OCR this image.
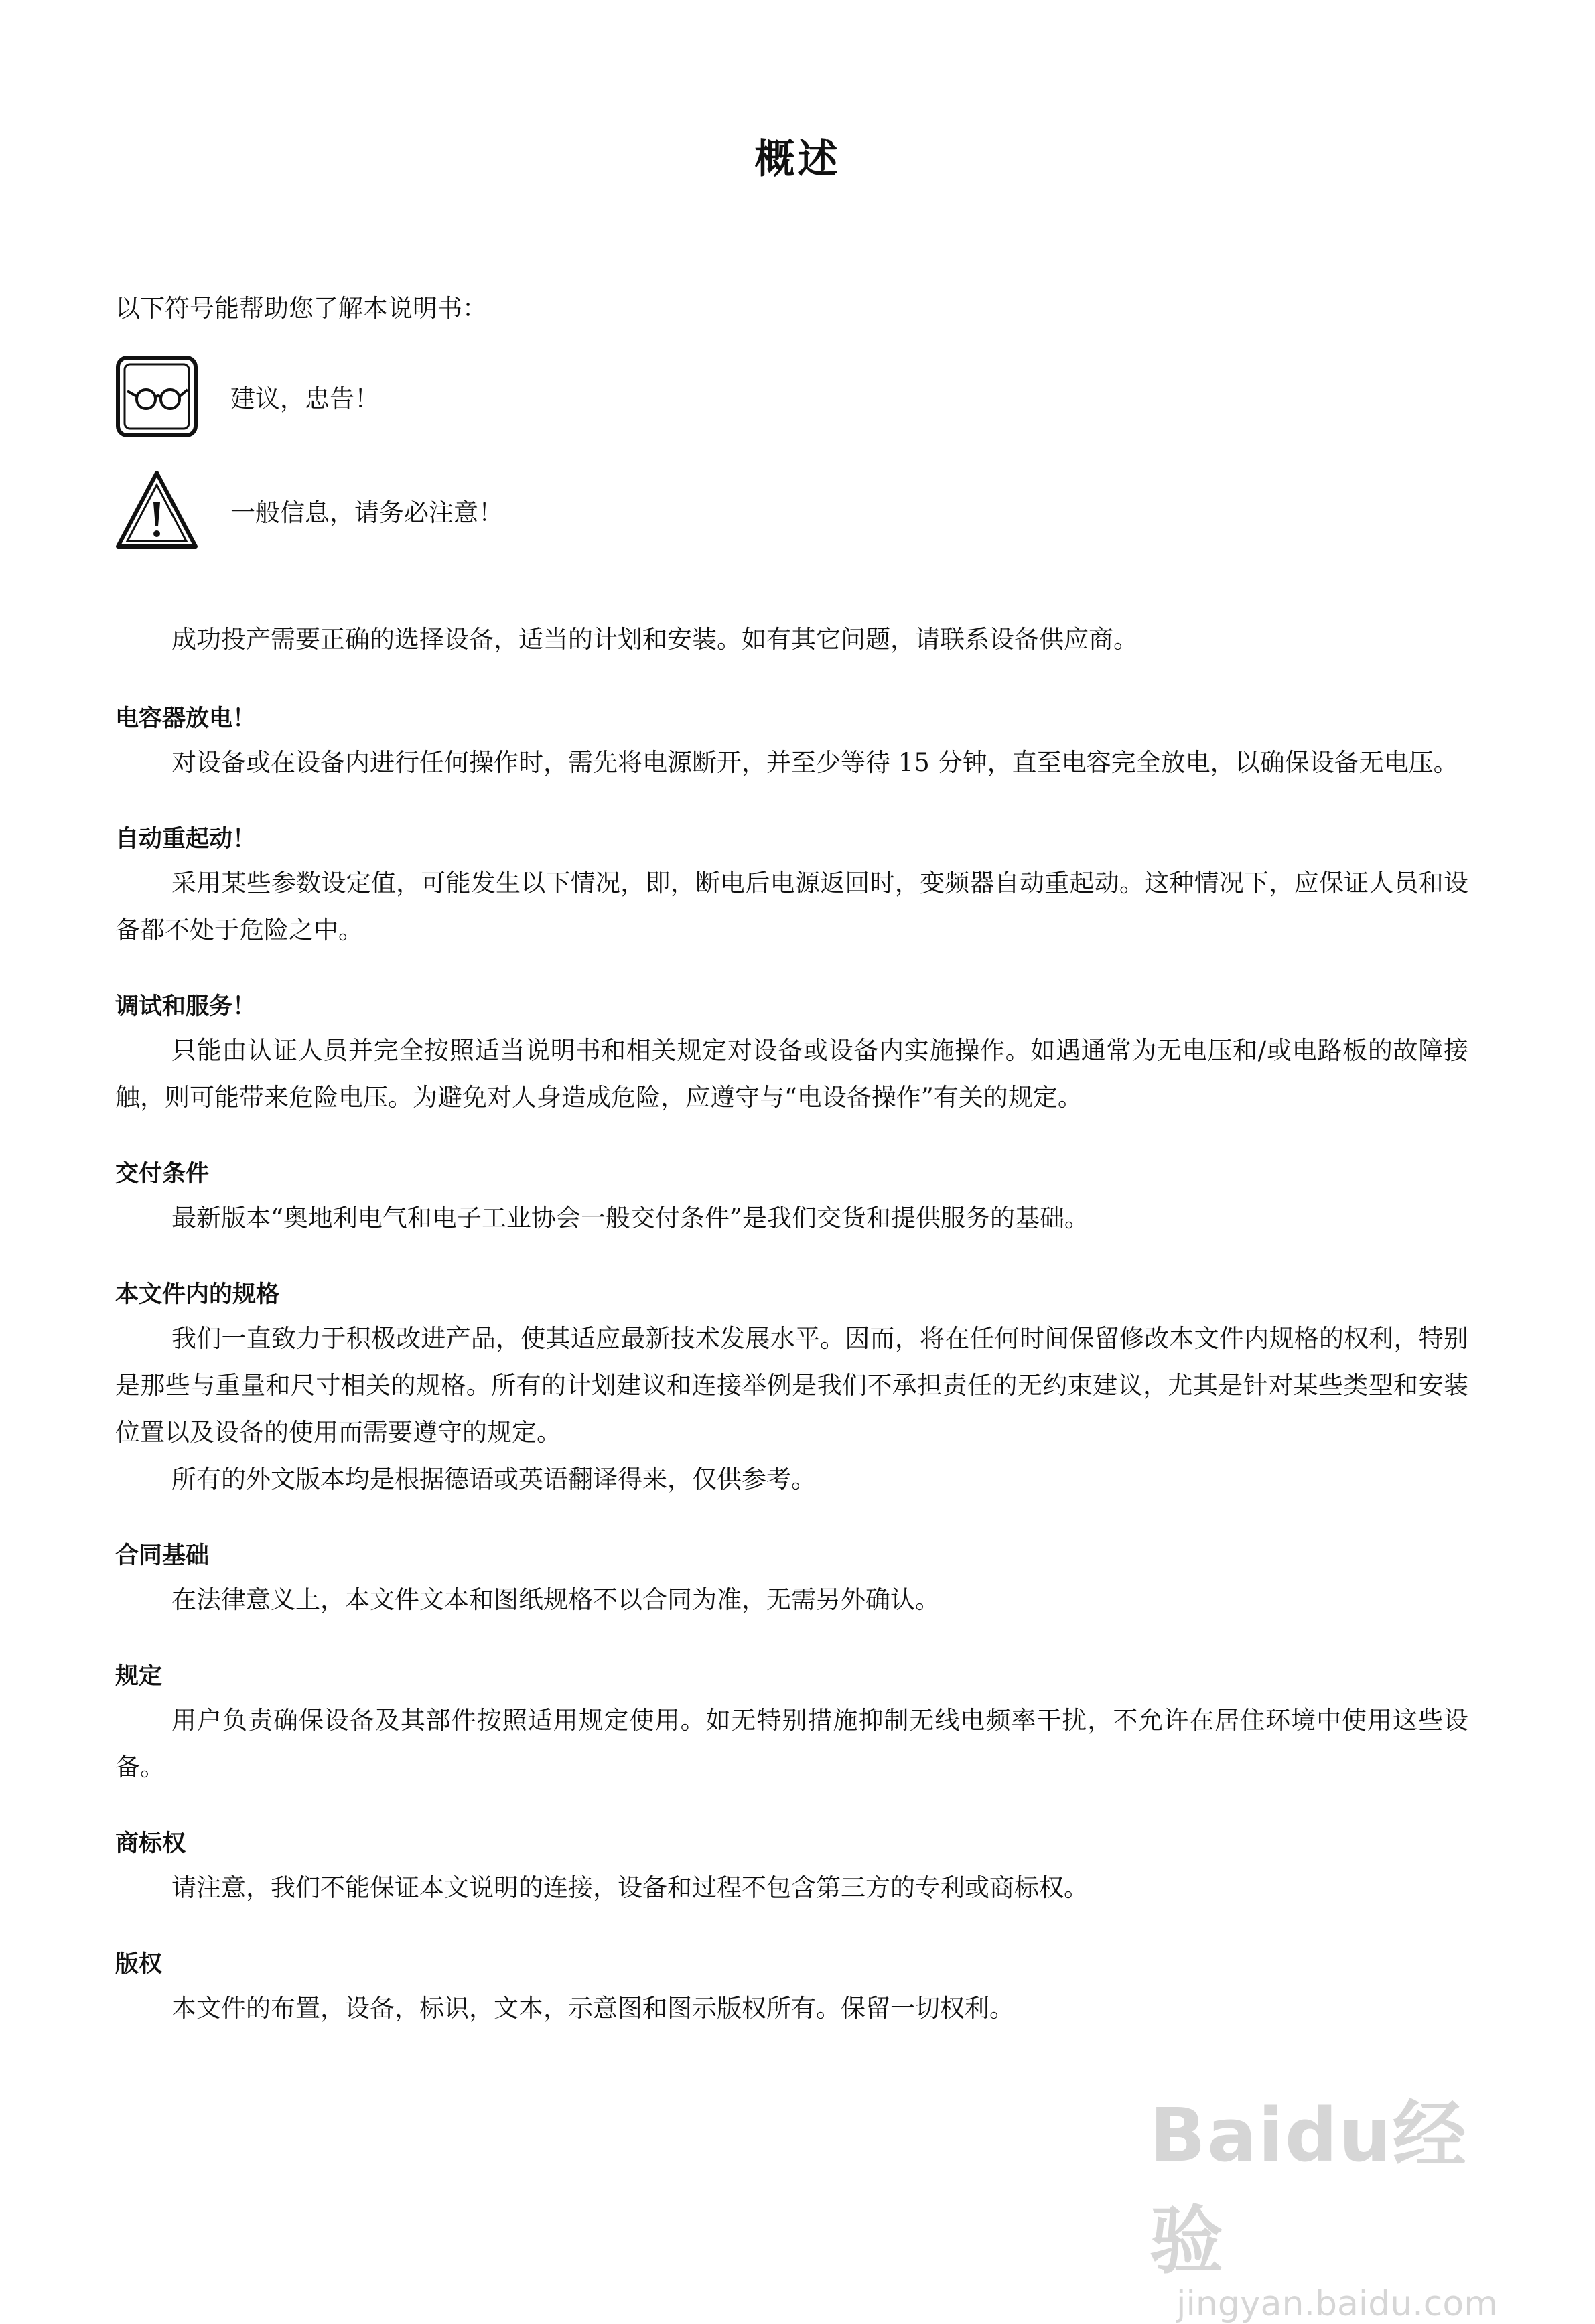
概述
以下符号能帮助您了解本说明书：
建议，忠告！
一般信息，请务必注意！

成功投产需要正确的选择设备，适当的计划和安装。如有其它问题，请联系设备供应商。

电容器放电！

对设备或在设备内进行任何操作时，需先将电源断开，并至少等待 15 分钟，直至电容完全放电，以确保设备无电压。

自动重起动！

采用某些参数设定值，可能发生以下情况，即，断电后电源返回时，变频器自动重起动。这种情况下，应保证人员和设备都不处于危险之中。

调试和服务！

只能由认证人员并完全按照适当说明书和相关规定对设备或设备内实施操作。如遇通常为无电压和/或电路板的故障接触，则可能带来危险电压。为避免对人身造成危险，应遵守与“电设备操作”有关的规定。

交付条件

最新版本“奥地利电气和电子工业协会一般交付条件”是我们交货和提供服务的基础。

本文件内的规格

我们一直致力于积极改进产品，使其适应最新技术发展水平。因而，将在任何时间保留修改本文件内规格的权利，特别是那些与重量和尺寸相关的规格。所有的计划建议和连接举例是我们不承担责任的无约束建议，尤其是针对某些类型和安装位置以及设备的使用而需要遵守的规定。

所有的外文版本均是根据德语或英语翻译得来，仅供参考。

合同基础

在法律意义上，本文件文本和图纸规格不以合同为准，无需另外确认。

规定

用户负责确保设备及其部件按照适用规定使用。如无特别措施抑制无线电频率干扰，不允许在居住环境中使用这些设备。

商标权

请注意，我们不能保证本文说明的连接，设备和过程不包含第三方的专利或商标权。

版权

本文件的布置，设备，标识，文本，示意图和图示版权所有。保留一切权利。

Baidu经验
jingyan.baidu.com
